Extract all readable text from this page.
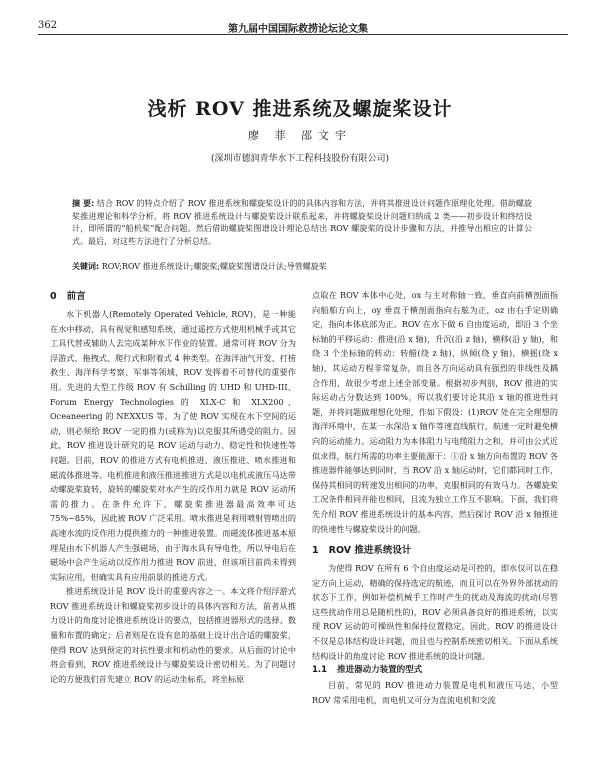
362	第九届中国国际救捞论坛论文集
浅析 ROV 推进系统及螺旋桨设计
廖 菲 邵文宇
(深圳市德润青华水下工程科技股份有限公司)

摘 要: 结合 ROV 的特点介绍了 ROV 推进系统和螺旋桨设计的的具体内容和方法，并将其推进设计问题作原理化处理。借助螺旋桨推进理论和科学分析，将 ROV 推进系统设计与螺旋桨设计联系起来，并将螺旋桨设计问题归纳成 2 类——初步设计和终结设计，即所谓的“船机桨”配合问题。然后借助螺旋桨图谱设计理论总结出 ROV 螺旋桨的设计步骤和方法，并推导出相应的计算公式。最后，对这些方法进行了分析总结。

关键词: ROV;ROV 推进系统设计;螺旋桨;螺旋桨图谱设计法;导管螺旋桨

0 前言

水下机器人(Remotely Operated Vehicle, ROV)，是一种能在水中移动，具有视觉和感知系统，通过遥控方式使用机械手或其它工具代替或辅助人去完成某种水下作业的装置。通常可将 ROV 分为浮游式、拖拽式、爬行式和附着式 4 种类型。在海洋油气开发、打捞救生、海洋科学考察、军事等领域，ROV 发挥着不可替代的重要作用。先进的大型工作级 ROV 有 Schilling 的 UHD 和 UHD-III、Forum Energy Technologies 的 XLX-C 和 XLX200、Oceaneering 的 NEXXUS 等。为了使 ROV 实现在水下空间的运动，则必须给 ROV 一定的推力(或称为)以克服其所遇受的阻力。因此，ROV 推进设计研究的是 ROV 运动与动力、稳定性和快速性等问题。目前，ROV 的推进方式有电机推进、液压推进、喷水推进和磁流体推进等。电机推进和液压推进推进方式是以电机或液压马达带动螺旋桨旋转，旋转的螺旋桨对水产生的反作用力就是 ROV 运动所需的推力。在条件允许下，螺旋桨推进器最高效率可达 75%~85%，因此被 ROV 广泛采用。喷水推进是利用喷射管喷出的高速水流的反作用力提供推力的一种推进装置。而磁流体推进基本原理是由水下机器人产生强磁场，由于海水具有导电性，所以导电后在磁场中会产生运动以反作用力推进 ROV 前进，但该项目前尚未得到实际应用，但确实具有应用前景的推进方式。

推进系统设计是 ROV 设计的重要内容之一。本文将介绍浮游式 ROV 推进系统设计和螺旋桨初步设计的具体内容和方法，前者从推力设计的角度讨论推进系统设计的要点，包括推进器形式的选择、数量和布置的确定；后者则是在设有息的基础上设计出合适的螺旋桨，使得 ROV 达到预定的对抗性要求和机动性的要求。从后面的讨论中将会看到，ROV 推进系统设计与螺旋桨设计密切相关。为了问题讨论的方便我们首先建立 ROV 的运动坐标系，将坐标原

点取在 ROV 本体中心处，ox 与主对称轴一致，垂直向前横剖面指向船舶方向上，oy 垂直于横剖面指向右舷为正，oz 由右手定则确定，指向本体底部为正。ROV 在水下做 6 自由度运动，即沿 3 个坐标轴的平移运动：推进(沿 x 轴)，升沉(沿 z 轴)，横移(沿 y 轴)，和绕 3 个坐标轴的转动：转艏(绕 z 轴)，纵倾(绕 y 轴)，横摇(绕 x 轴)，其运动方程非常复杂，而且各方向运动具有强烈的非线性及耦合作用，故很少考虑上述全部变量。根据初步判别，ROV 推进的实际运动占分数达到 100%，所以我们要讨论其沿 x 轴的推进性问题，并将问题做理想化处理，作如下假设：(1)ROV 处在完全理想的海洋环境中，在某一水深沿 x 轴作等速直线航行，航速一定时避免横向的运动能力。运动阻力为本体阻力与电缆阻力之和，并可由公式近似求得，航行所需的功率主要能源于：①沿 x 轴方向布置的 ROV 各推进器件能够达到同时，当 ROV 沿 x 轴运动时，它们都同时工作，保持其相同的转速发出相同的功率，克服相同的有效马力。各螺旋桨工况条件相同并能也相同，且流为独立工作互不影响。下面，我们将先介绍 ROV 推进系统设计的基本内容，然后探讨 ROV 沿 x 轴推进的快速性与螺旋桨设计的问题。

1 ROV 推进系统设计

为使得 ROV 在所有 6 个自由度运动是可控的，即水仅可以在稳定方向上运动，精确的保持选定的航迹，而且可以在外界外部扰动的状态下工作，例如补偿机械手工作时产生的扰动及海流的扰动(尽管这些扰动作用总是随机性的)，ROV 必须具备良好的推进系统，以实现 ROV 运动的可操纵性和保持位置稳定。因此，ROV 的推进设计不仅是总体结构设计问题，而且也与控制系统密切相关。下面从系统结构设计的角度讨论 ROV 推进系统的设计问题。

1.1 推进器动力装置的型式

目前，常见的 ROV 推进动力装置是电机和液压马达，小型 ROV 常采用电机，而电机又可分为直流电机和交流
